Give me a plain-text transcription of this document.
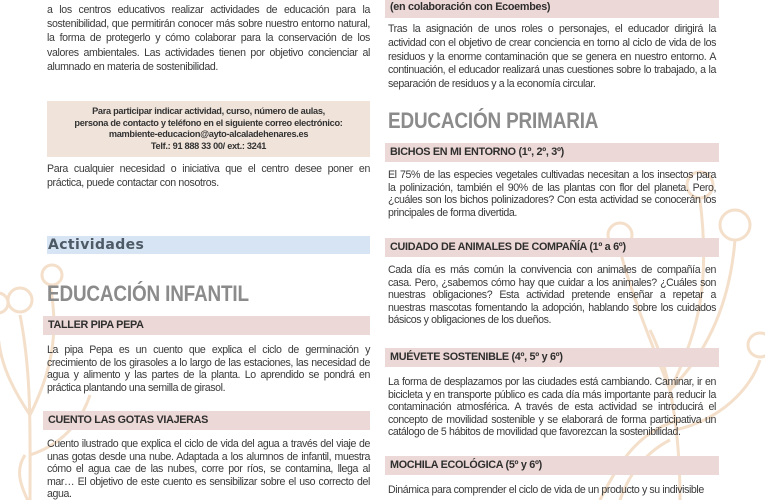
a los centros educativos realizar actividades de educación para la sostenibilidad, que permitirán conocer más sobre nuestro entorno natural, la forma de protegerlo y cómo colaborar para la conservación de los valores ambientales. Las actividades tienen por objetivo concienciar al alumnado en materia de sostenibilidad.

Para participar indicar actividad, curso, número de aulas,
persona de contacto y teléfono en el siguiente correo electrónico:
mambiente-educacion@ayto-alcaladehenares.es
Telf.: 91 888 33 00/ ext.: 3241

Para cualquier necesidad o iniciativa que el centro desee poner en práctica, puede contactar con nosotros.

Actividades
EDUCACIÓN INFANTIL
TALLER PIPA PEPA

La pipa Pepa es un cuento que explica el ciclo de germinación y crecimiento de los girasoles a lo largo de las estaciones, las necesidad de agua y alimento y las partes de la planta. Lo aprendido se pondrá en práctica plantando una semilla de girasol.

CUENTO LAS GOTAS VIAJERAS

Cuento ilustrado que explica el ciclo de vida del agua a través del viaje de unas gotas desde una nube. Adaptada a los alumnos de infantil, muestra cómo el agua cae de las nubes, corre por ríos, se contamina, llega al mar… El objetivo de este cuento es sensibilizar sobre el uso correcto del agua.

(en colaboración con Ecoembes)

Tras la asignación de unos roles o personajes, el educador dirigirá la actividad con el objetivo de crear conciencia en torno al ciclo de vida de los residuos y la enorme contaminación que se genera en nuestro entorno. A continuación, el educador realizará unas cuestiones sobre lo trabajado, a la separación de residuos y a la economía circular.

EDUCACIÓN PRIMARIA
BICHOS EN MI ENTORNO (1º, 2º, 3º)

El 75% de las especies vegetales cultivadas necesitan a los insectos para la polinización, también el 90% de las plantas con flor del planeta. Pero, ¿cuáles son los bichos polinizadores? Con esta actividad se conocerán los principales de forma divertida.

CUIDADO DE ANIMALES DE COMPAÑÍA (1º a 6º)

Cada día es más común la convivencia con animales de compañía en casa. Pero, ¿sabemos cómo hay que cuidar a los animales? ¿Cuáles son nuestras obligaciones? Esta actividad pretende enseñar a repetar a nuestras mascotas fomentando la adopción, hablando sobre los cuidados básicos y obligaciones de los dueños.

MUÉVETE SOSTENIBLE (4º, 5º y 6º)

La forma de desplazamos por las ciudades está cambiando. Caminar, ir en bicicleta y en transporte público es cada día más importante para reducir la contaminación atmosférica. A través de esta actividad se introducirá el concepto de movilidad sostenible y se elaborará de forma participativa un catálogo de 5 hábitos de movilidad que favorezcan la sostenibilidad.

MOCHILA ECOLÓGICA (5º y 6º)

Dinámica para comprender el ciclo de vida de un producto y su indivisible
